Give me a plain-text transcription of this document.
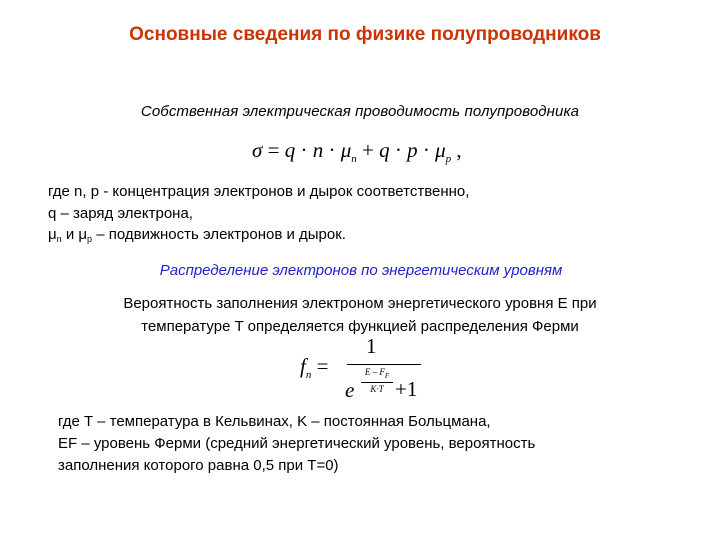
Основные сведения по физике полупроводников
Собственная электрическая проводимость полупроводника
$\sigma = q \cdot n \cdot \mu_n + q \cdot p \cdot \mu_p$ ,
где n, p - концентрация электронов и дырок соответственно,
q – заряд электрона,
$\mu_n$ и $\mu_p$ – подвижность электронов и дырок.
Распределение электронов по энергетическим уровням
Вероятность заполнения электроном энергетического уровня E при
температуре T определяется функцией распределения Ферми
$f_n$ =
1
e
E – $F_F$
K·T +1
где T – температура в Кельвинах, K – постоянная Больцмана,
EF – уровень Ферми (средний энергетический уровень, вероятность
заполнения которого равна 0,5 при T=0)
